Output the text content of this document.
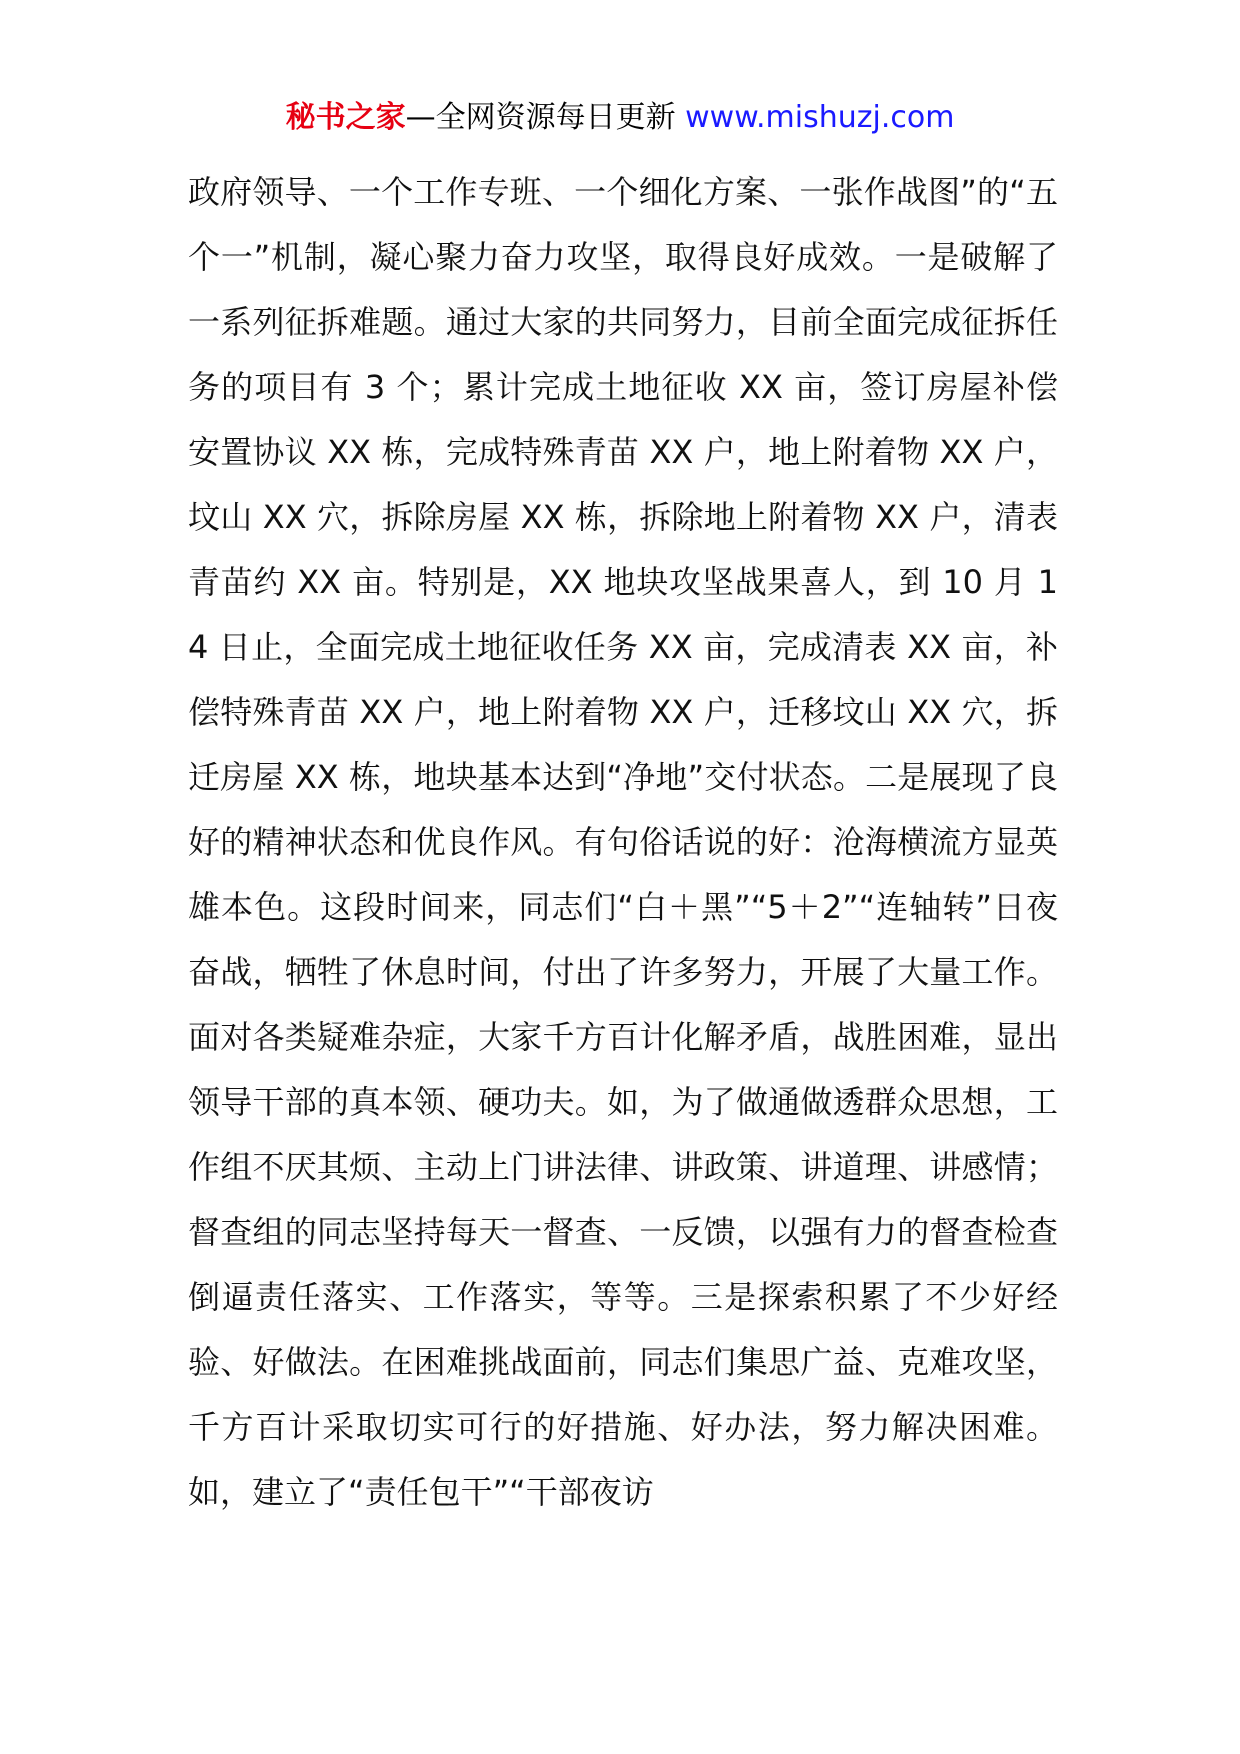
秘书之家—全网资源每日更新 www.mishuzj.com

政府领导、一个工作专班、一个细化方案、一张作战图”的“五个一”机制，凝心聚力奋力攻坚，取得良好成效。一是破解了一系列征拆难题。通过大家的共同努力，目前全面完成征拆任务的项目有 3 个；累计完成土地征收 XX 亩，签订房屋补偿安置协议 XX 栋，完成特殊青苗 XX 户，地上附着物 XX 户，坟山 XX 穴，拆除房屋 XX 栋，拆除地上附着物 XX 户，清表青苗约 XX 亩。特别是，XX 地块攻坚战果喜人，到 10 月 14 日止，全面完成土地征收任务 XX 亩，完成清表 XX 亩，补偿特殊青苗 XX 户，地上附着物 XX 户，迁移坟山 XX 穴，拆迁房屋 XX 栋，地块基本达到“净地”交付状态。二是展现了良好的精神状态和优良作风。有句俗话说的好：沧海横流方显英雄本色。这段时间来，同志们“白＋黑”“5＋2”“连轴转”日夜奋战，牺牲了休息时间，付出了许多努力，开展了大量工作。面对各类疑难杂症，大家千方百计化解矛盾，战胜困难，显出领导干部的真本领、硬功夫。如，为了做通做透群众思想，工作组不厌其烦、主动上门讲法律、讲政策、讲道理、讲感情；督查组的同志坚持每天一督查、一反馈，以强有力的督查检查倒逼责任落实、工作落实，等等。三是探索积累了不少好经验、好做法。在困难挑战面前，同志们集思广益、克难攻坚，千方百计采取切实可行的好措施、好办法，努力解决困难。如，建立了“责任包干”“干部夜访
